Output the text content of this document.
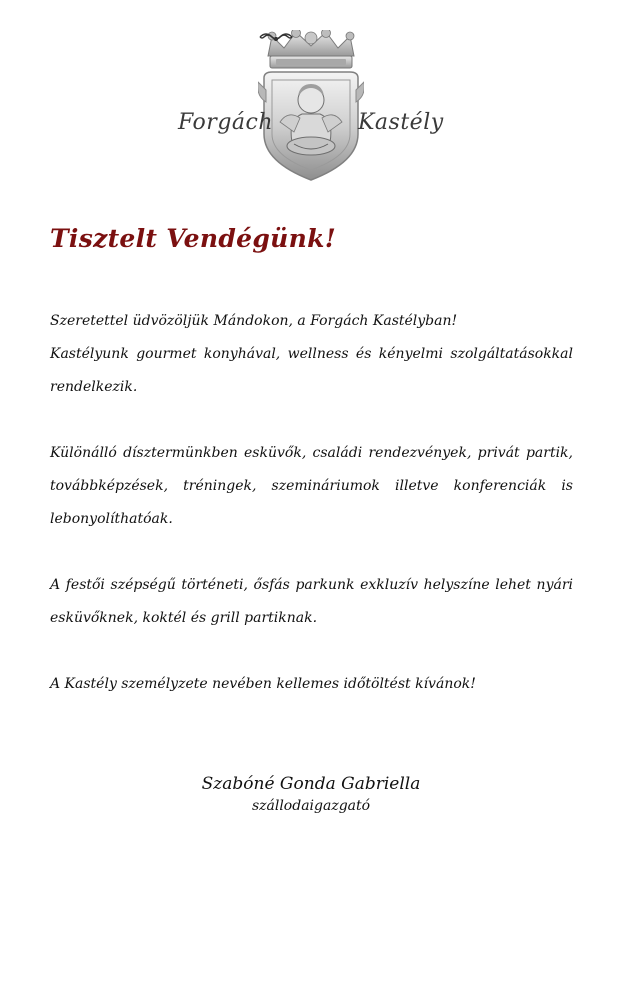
Forgách	Kastély
Tisztelt Vendégünk!

Szeretettel üdvözöljük Mándokon, a Forgách Kastélyban!

Kastélyunk gourmet konyhával, wellness és kényelmi szolgáltatásokkal rendelkezik.

Különálló dísztermünkben esküvők, családi rendezvények, privát partik, továbbképzések, tréningek, szemináriumok illetve konferenciák is lebonyolíthatóak.

A festői szépségű történeti, ősfás parkunk exkluzív helyszíne lehet nyári esküvőknek, koktél és grill partiknak.

A Kastély személyzete nevében kellemes időtöltést kívánok!

Szabóné Gonda Gabriella
szállodaigazgató
